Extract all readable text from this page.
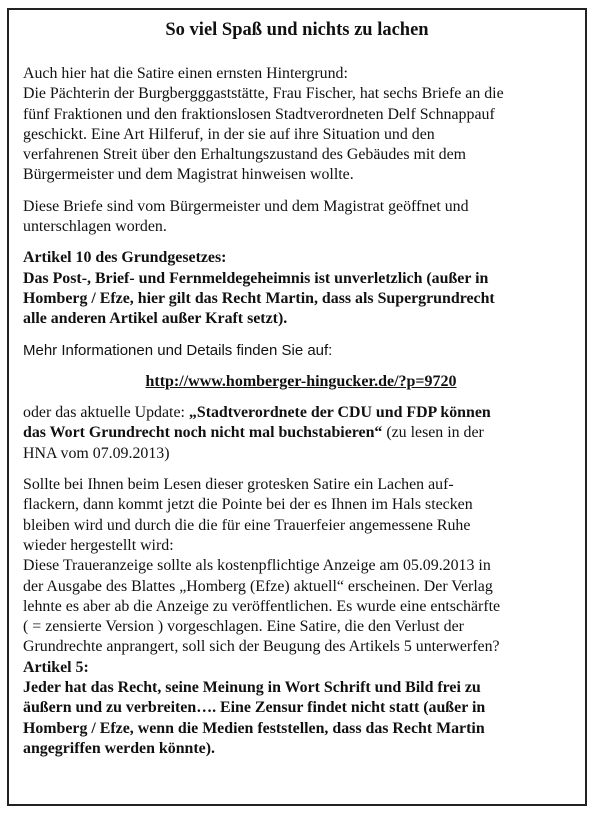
So viel Spaß und nichts zu lachen

Auch hier hat die Satire einen ernsten Hintergrund:

Die Pächterin der Burgbergggaststätte, Frau Fischer, hat sechs Briefe an die

fünf Fraktionen und den fraktionslosen Stadtverordneten Delf Schnappauf

geschickt. Eine Art Hilferuf, in der sie auf ihre Situation und den

verfahrenen Streit über den Erhaltungszustand des Gebäudes mit dem

Bürgermeister und dem Magistrat hinweisen wollte.

Diese Briefe sind vom Bürgermeister und dem Magistrat geöffnet und

unterschlagen worden.

Artikel 10 des Grundgesetzes:

Das Post-, Brief- und Fernmeldegeheimnis ist unverletzlich (außer in

Homberg / Efze, hier gilt das Recht Martin, dass als Supergrundrecht

alle anderen Artikel außer Kraft setzt).

Mehr Informationen und Details finden Sie auf:

http://www.homberger-hingucker.de/?p=9720

oder das aktuelle Update: „Stadtverordnete der CDU und FDP können

das Wort Grundrecht noch nicht mal buchstabieren“ (zu lesen in der

HNA vom 07.09.2013)

Sollte bei Ihnen beim Lesen dieser grotesken Satire ein Lachen auf-

flackern, dann kommt jetzt die Pointe bei der es Ihnen im Hals stecken

bleiben wird und durch die die für eine Trauerfeier angemessene Ruhe

wieder hergestellt wird:

Diese Traueranzeige sollte als kostenpflichtige Anzeige am 05.09.2013 in

der Ausgabe des Blattes „Homberg (Efze) aktuell“ erscheinen. Der Verlag

lehnte es aber ab die Anzeige zu veröffentlichen. Es wurde eine entschärfte

( = zensierte Version ) vorgeschlagen. Eine Satire, die den Verlust der

Grundrechte anprangert, soll sich der Beugung des Artikels 5 unterwerfen?

Artikel 5:

Jeder hat das Recht, seine Meinung in Wort Schrift und Bild frei zu

äußern und zu verbreiten…. Eine Zensur findet nicht statt (außer in

Homberg / Efze, wenn die Medien feststellen, dass das Recht Martin

angegriffen werden könnte).
